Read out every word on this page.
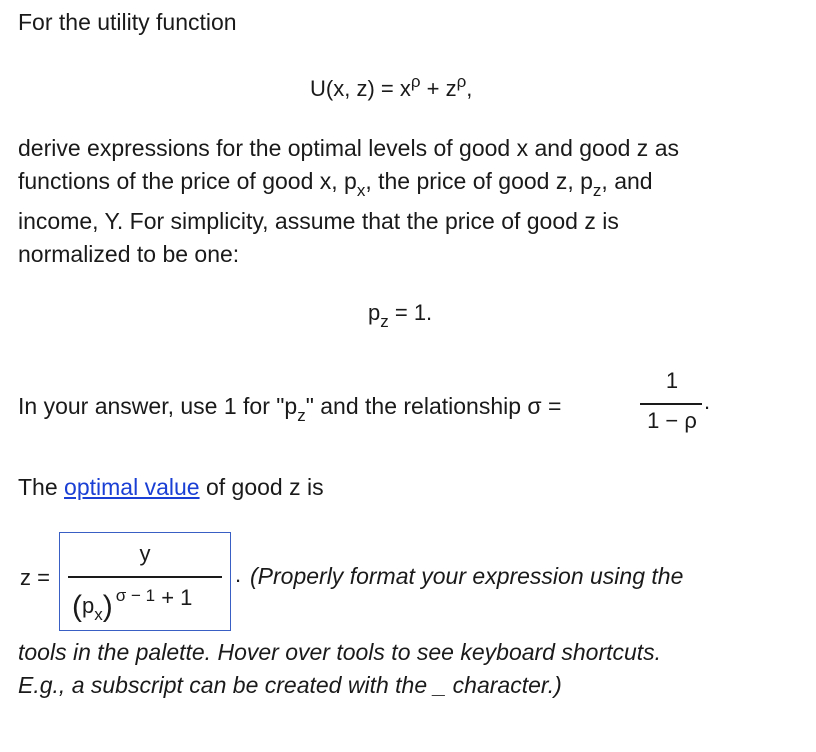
For the utility function
U(x, $z) = x^\rho + z^\rho$,
derive expressions for the optimal levels of good x and good z as
functions of the price of good x, $p_x$, the price of good z, $p_z$, and
income, Y. For simplicity, assume that the price of good z is
normalized to be one:
$p_z = 1$.
In your answer, use 1 for "$p_z$" and the relationship σ =
1
1 − ρ
.
The optimal value of good z is
z =
y
$(p_x) ^{\sigma - 1} + 1$
. (Properly format your expression using the
tools in the palette. Hover over tools to see keyboard shortcuts.
E.g., a subscript can be created with the _ character.)
